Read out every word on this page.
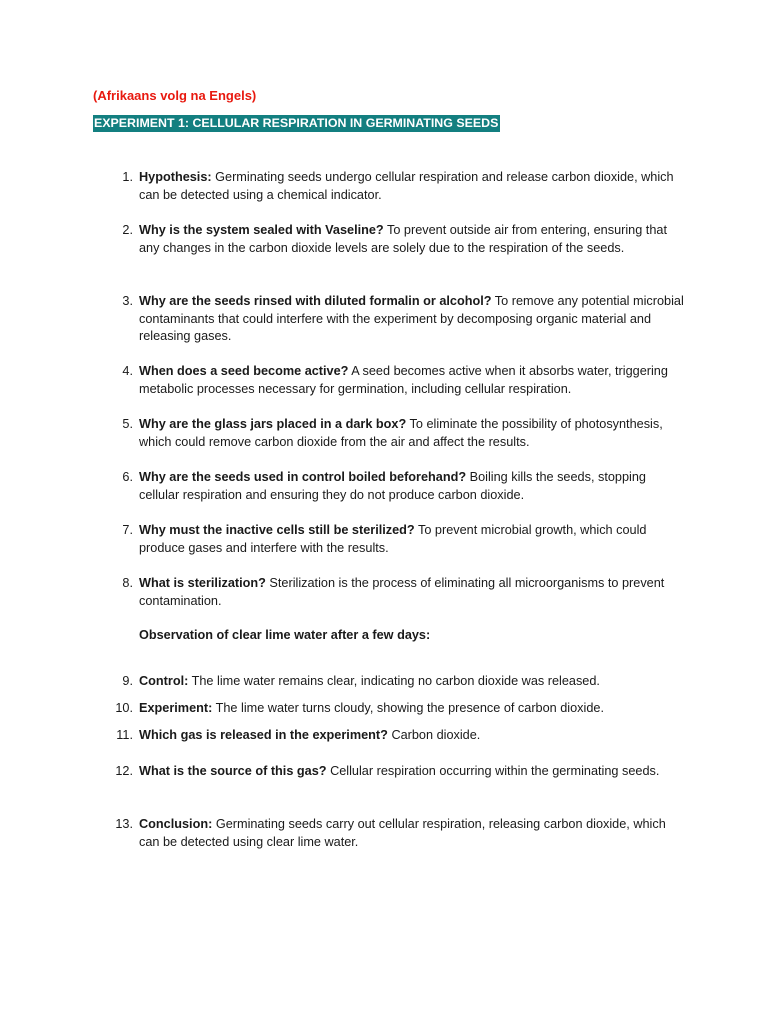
(Afrikaans volg na Engels)
EXPERIMENT 1: CELLULAR RESPIRATION IN GERMINATING SEEDS
1. Hypothesis: Germinating seeds undergo cellular respiration and release carbon dioxide, which can be detected using a chemical indicator.
2. Why is the system sealed with Vaseline? To prevent outside air from entering, ensuring that any changes in the carbon dioxide levels are solely due to the respiration of the seeds.
3. Why are the seeds rinsed with diluted formalin or alcohol? To remove any potential microbial contaminants that could interfere with the experiment by decomposing organic material and releasing gases.
4. When does a seed become active? A seed becomes active when it absorbs water, triggering metabolic processes necessary for germination, including cellular respiration.
5. Why are the glass jars placed in a dark box? To eliminate the possibility of photosynthesis, which could remove carbon dioxide from the air and affect the results.
6. Why are the seeds used in control boiled beforehand? Boiling kills the seeds, stopping cellular respiration and ensuring they do not produce carbon dioxide.
7. Why must the inactive cells still be sterilized? To prevent microbial growth, which could produce gases and interfere with the results.
8. What is sterilization? Sterilization is the process of eliminating all microorganisms to prevent contamination.
Observation of clear lime water after a few days:
9. Control: The lime water remains clear, indicating no carbon dioxide was released.
10. Experiment: The lime water turns cloudy, showing the presence of carbon dioxide.
11. Which gas is released in the experiment? Carbon dioxide.
12. What is the source of this gas? Cellular respiration occurring within the germinating seeds.
13. Conclusion: Germinating seeds carry out cellular respiration, releasing carbon dioxide, which can be detected using clear lime water.
